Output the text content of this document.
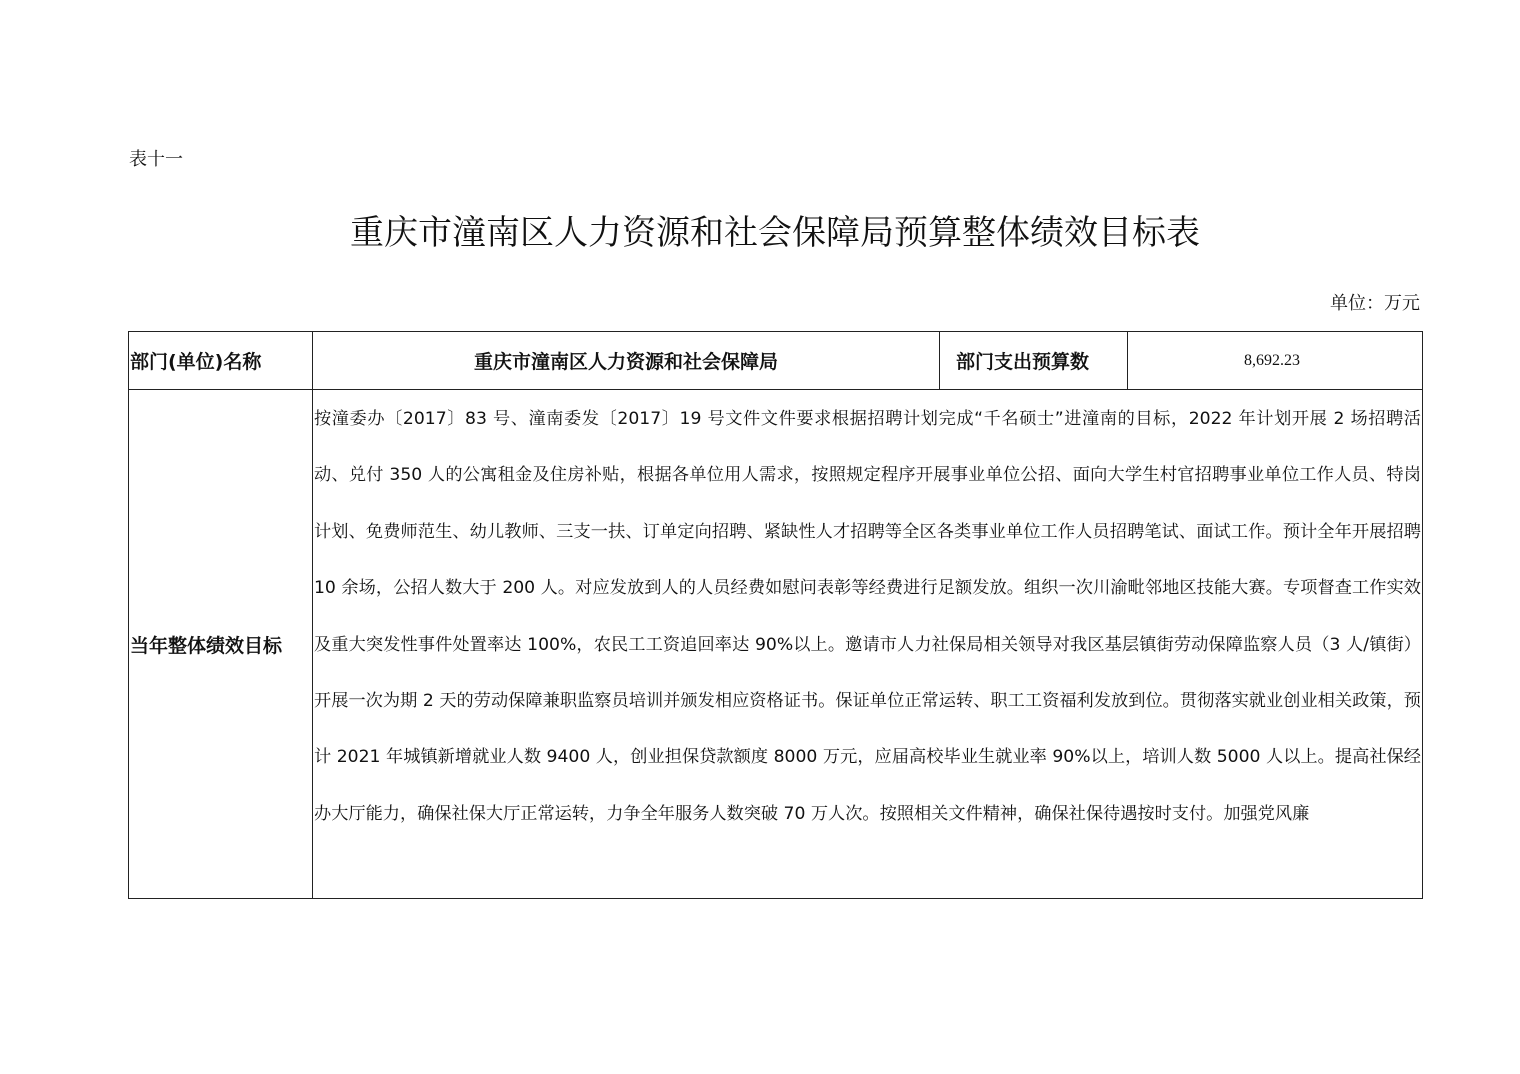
表十一
重庆市潼南区人力资源和社会保障局预算整体绩效目标表
单位：万元
部门(单位)名称	重庆市潼南区人力资源和社会保障局	部门支出预算数	8,692.23
当年整体绩效目标	按潼委办〔2017〕83 号、潼南委发〔2017〕19 号文件文件要求根据招聘计划完成“千名硕士”进潼南的目标，2022 年计划开展 2 场招聘活动、兑付 350 人的公寓租金及住房补贴，根据各单位用人需求，按照规定程序开展事业单位公招、面向大学生村官招聘事业单位工作人员、特岗计划、免费师范生、幼儿教师、三支一扶、订单定向招聘、紧缺性人才招聘等全区各类事业单位工作人员招聘笔试、面试工作。预计全年开展招聘 10 余场，公招人数大于 200 人。对应发放到人的人员经费如慰问表彰等经费进行足额发放。组织一次川渝毗邻地区技能大赛。专项督查工作实效及重大突发性事件处置率达 100%，农民工工资追回率达 90%以上。邀请市人力社保局相关领导对我区基层镇街劳动保障监察人员（3 人/镇街）开展一次为期 2 天的劳动保障兼职监察员培训并颁发相应资格证书。保证单位正常运转、职工工资福利发放到位。贯彻落实就业创业相关政策，预计 2021 年城镇新增就业人数 9400 人，创业担保贷款额度 8000 万元，应届高校毕业生就业率 90%以上，培训人数 5000 人以上。提高社保经办大厅能力，确保社保大厅正常运转，力争全年服务人数突破 70 万人次。按照相关文件精神，确保社保待遇按时支付。加强党风廉		
